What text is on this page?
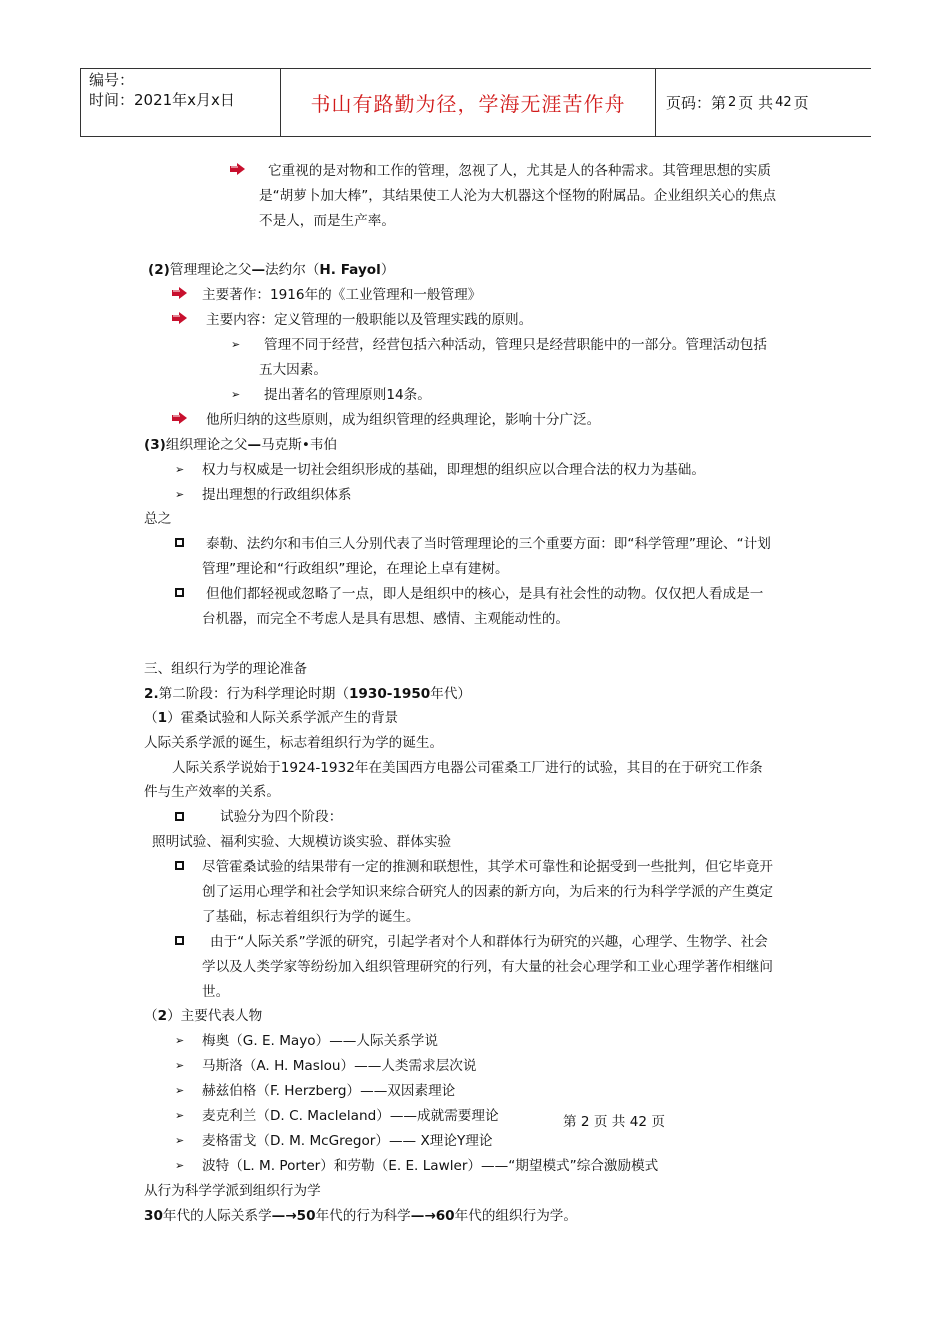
编号：
时间：2021年x月x日	书山有路勤为径，学海无涯苦作舟	页码：第 2 页 共 42 页
它重视的是对物和工作的管理，忽视了人，尤其是人的各种需求。其管理思想的实质
是“胡萝卜加大棒”，其结果使工人沦为大机器这个怪物的附属品。企业组织关心的焦点
不是人，而是生产率。
(2)管理理论之父—法约尔（H. Fayol）
主要著作：1916年的《工业管理和一般管理》
主要内容：定义管理的一般职能以及管理实践的原则。
➢ 管理不同于经营，经营包括六种活动，管理只是经营职能中的一部分。管理活动包括
五大因素。
➢ 提出著名的管理原则14条。
他所归纳的这些原则，成为组织管理的经典理论，影响十分广泛。
(3)组织理论之父—马克斯•韦伯
➢ 权力与权威是一切社会组织形成的基础，即理想的组织应以合理合法的权力为基础。
➢ 提出理想的行政组织体系
总之
泰勒、法约尔和韦伯三人分别代表了当时管理理论的三个重要方面：即“科学管理”理论、“计划
管理”理论和“行政组织”理论，在理论上卓有建树。
但他们都轻视或忽略了一点，即人是组织中的核心，是具有社会性的动物。仅仅把人看成是一
台机器，而完全不考虑人是具有思想、感情、主观能动性的。
三、组织行为学的理论准备
2.第二阶段：行为科学理论时期（1930-1950年代）
（1）霍桑试验和人际关系学派产生的背景
人际关系学派的诞生，标志着组织行为学的诞生。
人际关系学说始于1924-1932年在美国西方电器公司霍桑工厂进行的试验，其目的在于研究工作条
件与生产效率的关系。
试验分为四个阶段：
照明试验、福利实验、大规模访谈实验、群体实验
尽管霍桑试验的结果带有一定的推测和联想性，其学术可靠性和论据受到一些批判，但它毕竟开
创了运用心理学和社会学知识来综合研究人的因素的新方向，为后来的行为科学学派的产生奠定
了基础，标志着组织行为学的诞生。
由于“人际关系”学派的研究，引起学者对个人和群体行为研究的兴趣，心理学、生物学、社会
学以及人类学家等纷纷加入组织管理研究的行列，有大量的社会心理学和工业心理学著作相继问
世。
（2）主要代表人物
➢ 梅奥（G. E. Mayo）——人际关系学说
➢ 马斯洛（A. H. Maslou）——人类需求层次说
➢ 赫兹伯格（F. Herzberg）——双因素理论
➢ 麦克利兰（D. C. Macleland）——成就需要理论
➢ 麦格雷戈（D. M. McGregor）—— X理论Y理论
➢ 波特（L. M. Porter）和劳勒（E. E. Lawler）——“期望模式”综合激励模式
从行为科学学派到组织行为学
30年代的人际关系学—→50年代的行为科学—→60年代的组织行为学。
第 2 页 共 42 页
